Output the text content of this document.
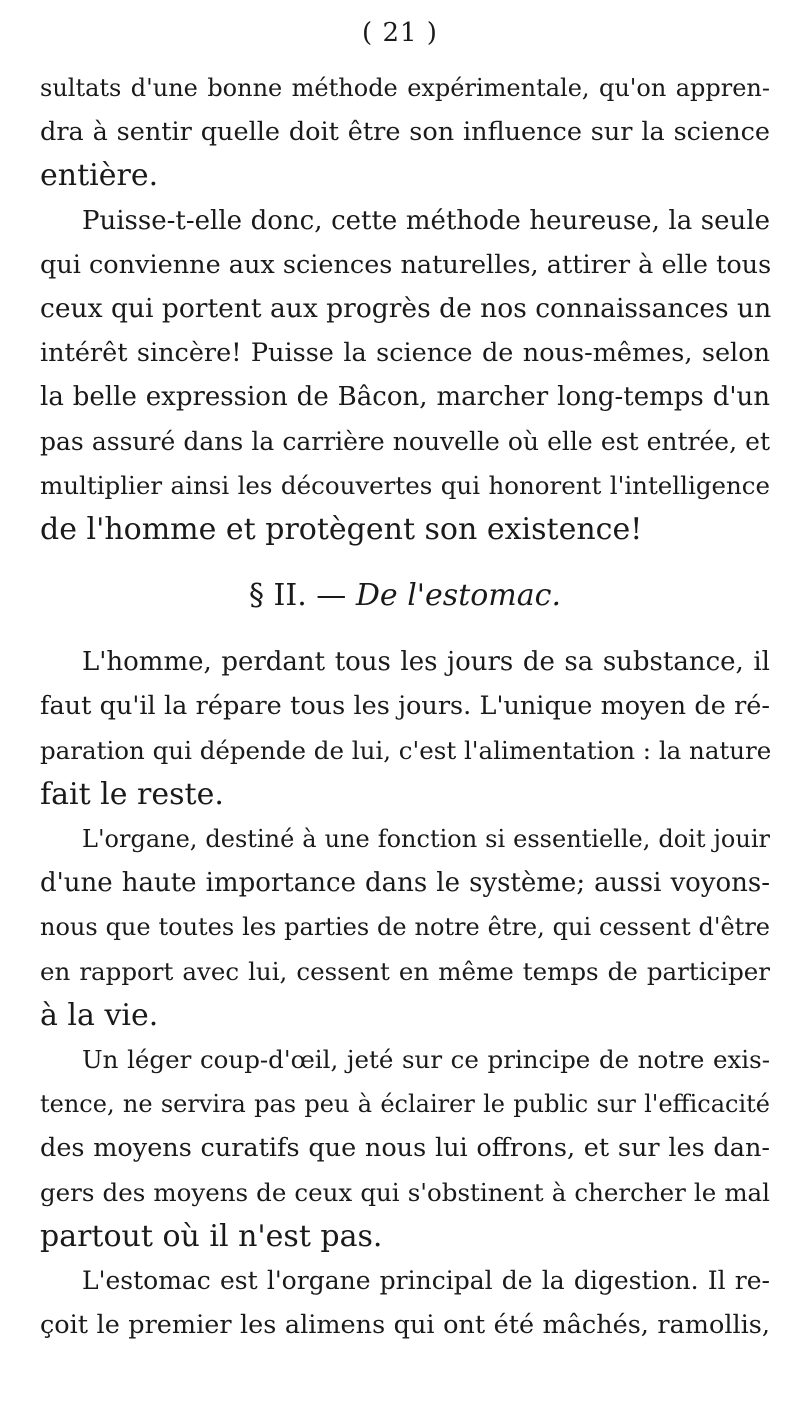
( 21 )
sultats d'une bonne méthode expérimentale, qu'on appren-
dra à sentir quelle doit être son influence sur la science
entière.
Puisse-t-elle donc, cette méthode heureuse, la seule
qui convienne aux sciences naturelles, attirer à elle tous
ceux qui portent aux progrès de nos connaissances un
intérêt sincère! Puisse la science de nous-mêmes, selon
la belle expression de Bâcon, marcher long-temps d'un
pas assuré dans la carrière nouvelle où elle est entrée, et
multiplier ainsi les découvertes qui honorent l'intelligence
de l'homme et protègent son existence!
§ II. — De l'estomac.
L'homme, perdant tous les jours de sa substance, il
faut qu'il la répare tous les jours. L'unique moyen de ré-
paration qui dépende de lui, c'est l'alimentation : la nature
fait le reste.
L'organe, destiné à une fonction si essentielle, doit jouir
d'une haute importance dans le système; aussi voyons-
nous que toutes les parties de notre être, qui cessent d'être
en rapport avec lui, cessent en même temps de participer
à la vie.
Un léger coup-d'œil, jeté sur ce principe de notre exis-
tence, ne servira pas peu à éclairer le public sur l'efficacité
des moyens curatifs que nous lui offrons, et sur les dan-
gers des moyens de ceux qui s'obstinent à chercher le mal
partout où il n'est pas.
L'estomac est l'organe principal de la digestion. Il re-
çoit le premier les alimens qui ont été mâchés, ramollis,
